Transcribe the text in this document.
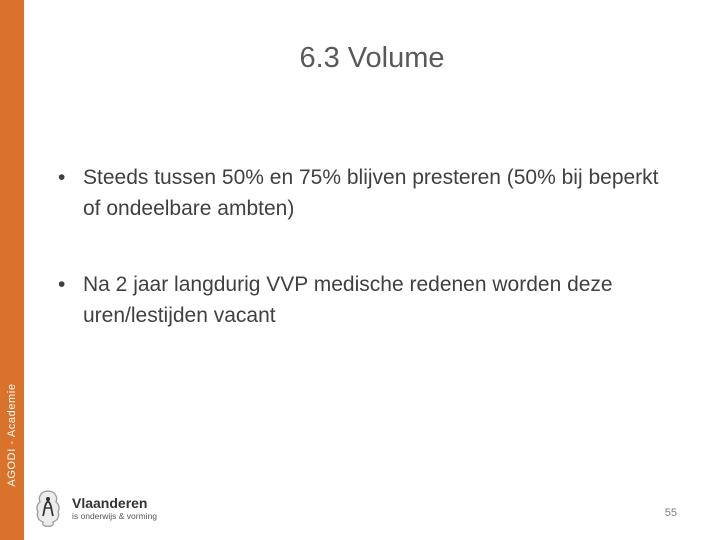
AGODI - Academie
6.3 Volume
• Steeds tussen 50% en 75% blijven presteren (50% bij beperkt of ondeelbare ambten)
• Na 2 jaar langdurig VVP medische redenen worden deze uren/lestijden vacant
Vlaanderen
is onderwijs & vorming	55
